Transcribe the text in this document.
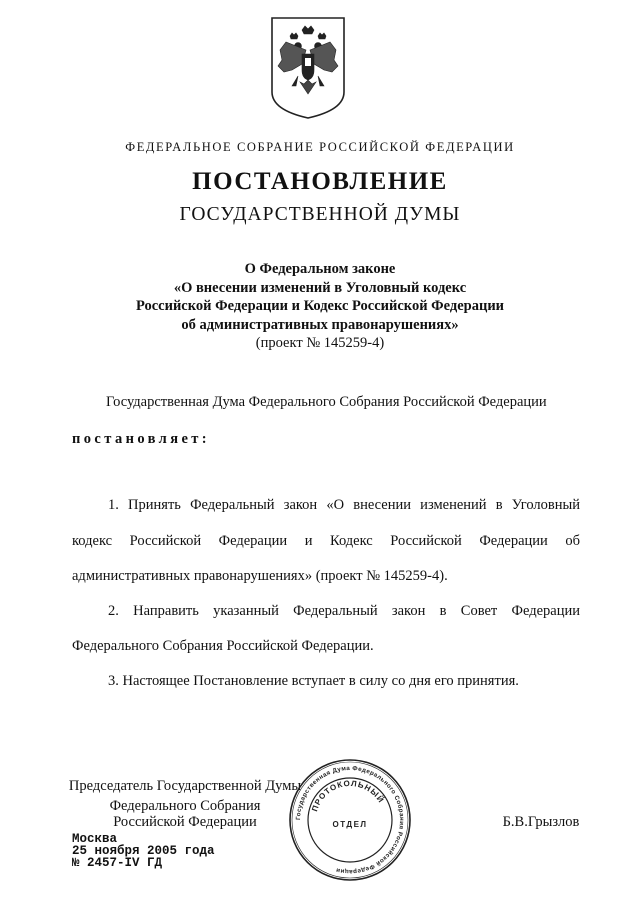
ФЕДЕРАЛЬНОЕ СОБРАНИЕ РОССИЙСКОЙ ФЕДЕРАЦИИ
ПОСТАНОВЛЕНИЕ
ГОСУДАРСТВЕННОЙ ДУМЫ
О Федеральном законе
«О внесении изменений в Уголовный кодекс
Российской Федерации и Кодекс Российской Федерации
об административных правонарушениях»
(проект № 145259-4)
Государственная Дума Федерального Собрания Российской Федерации
постановляет:
1. Принять Федеральный закон «О внесении изменений в Уголовный
кодекс Российской Федерации и Кодекс Российской Федерации об
административных правонарушениях» (проект № 145259-4).
2. Направить указанный Федеральный закон в Совет Федерации
Федерального Собрания Российской Федерации.
3. Настоящее Постановление вступает в силу со дня его принятия.
Председатель Государственной Думы
Федерального Собрания
Российской Федерации	Б.В.Грызлов
Государственная Дума Федерального Собрания Российской Федерации
ПРОТОКОЛЬНЫЙ
ОТДЕЛ
Москва
25 ноября 2005 года
№ 2457-IV ГД
